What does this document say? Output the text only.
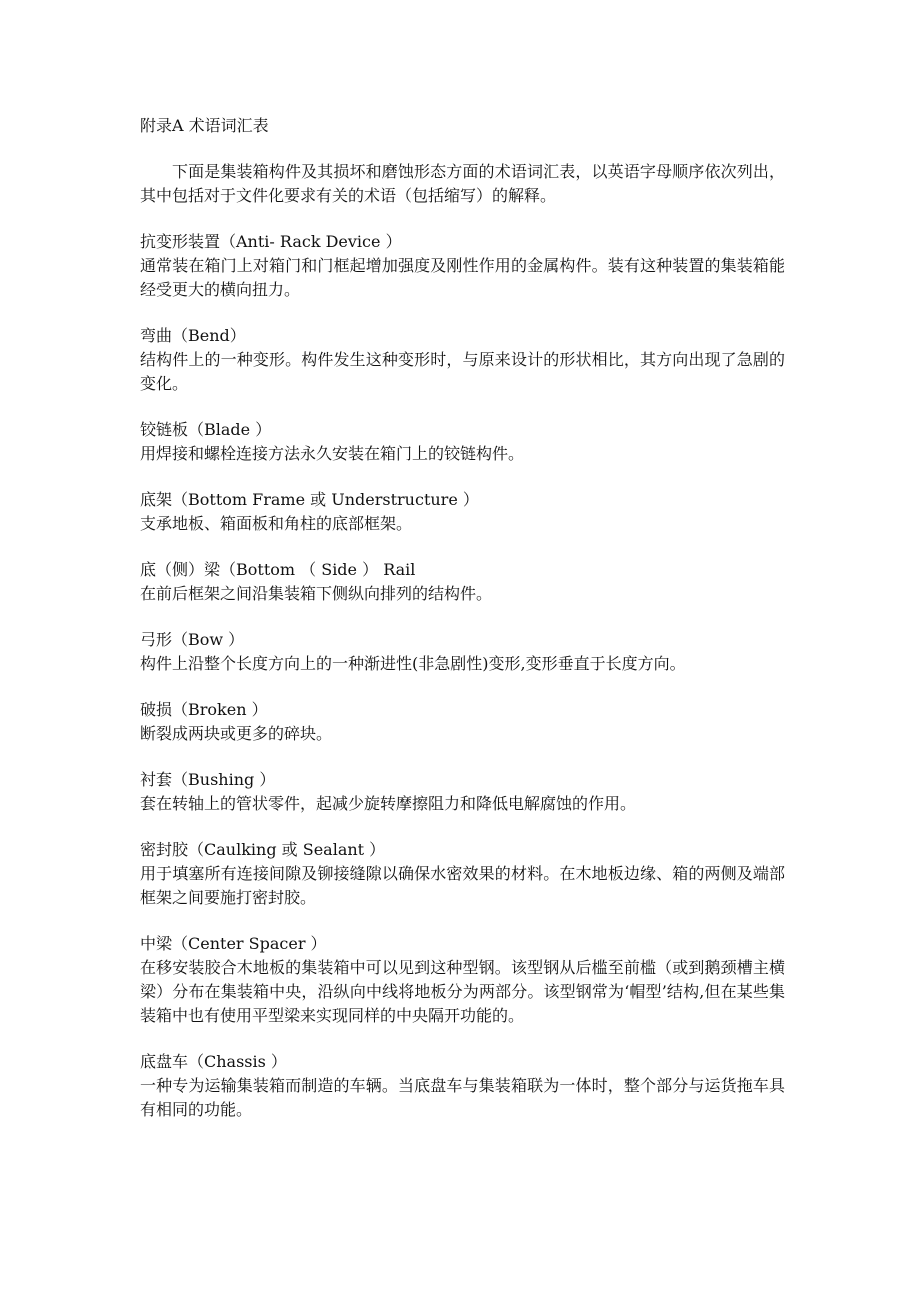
附录A 术语词汇表
下面是集装箱构件及其损坏和磨蚀形态方面的术语词汇表，以英语字母顺序依次列出，其中包括对于文件化要求有关的术语（包括缩写）的解释。
抗变形装置（Anti- Rack Device ）
通常装在箱门上对箱门和门框起增加强度及刚性作用的金属构件。装有这种装置的集装箱能经受更大的横向扭力。
弯曲（Bend）
结构件上的一种变形。构件发生这种变形时，与原来设计的形状相比，其方向出现了急剧的变化。
铰链板（Blade ）
用焊接和螺栓连接方法永久安装在箱门上的铰链构件。
底架（Bottom Frame 或 Understructure ）
支承地板、箱面板和角柱的底部框架。
底（侧）梁（Bottom （ Side ） Rail
在前后框架之间沿集装箱下侧纵向排列的结构件。
弓形（Bow ）
构件上沿整个长度方向上的一种渐进性(非急剧性)变形,变形垂直于长度方向。
破损（Broken ）
断裂成两块或更多的碎块。
衬套（Bushing ）
套在转轴上的管状零件，起减少旋转摩擦阻力和降低电解腐蚀的作用。
密封胶（Caulking 或 Sealant ）
用于填塞所有连接间隙及铆接缝隙以确保水密效果的材料。在木地板边缘、箱的两侧及端部框架之间要施打密封胶。
中梁（Center Spacer ）
在移安装胶合木地板的集装箱中可以见到这种型钢。该型钢从后槛至前槛（或到鹅颈槽主横梁）分布在集装箱中央，沿纵向中线将地板分为两部分。该型钢常为‘帽型’结构,但在某些集装箱中也有使用平型梁来实现同样的中央隔开功能的。
底盘车（Chassis ）
一种专为运输集装箱而制造的车辆。当底盘车与集装箱联为一体时，整个部分与运货拖车具有相同的功能。
